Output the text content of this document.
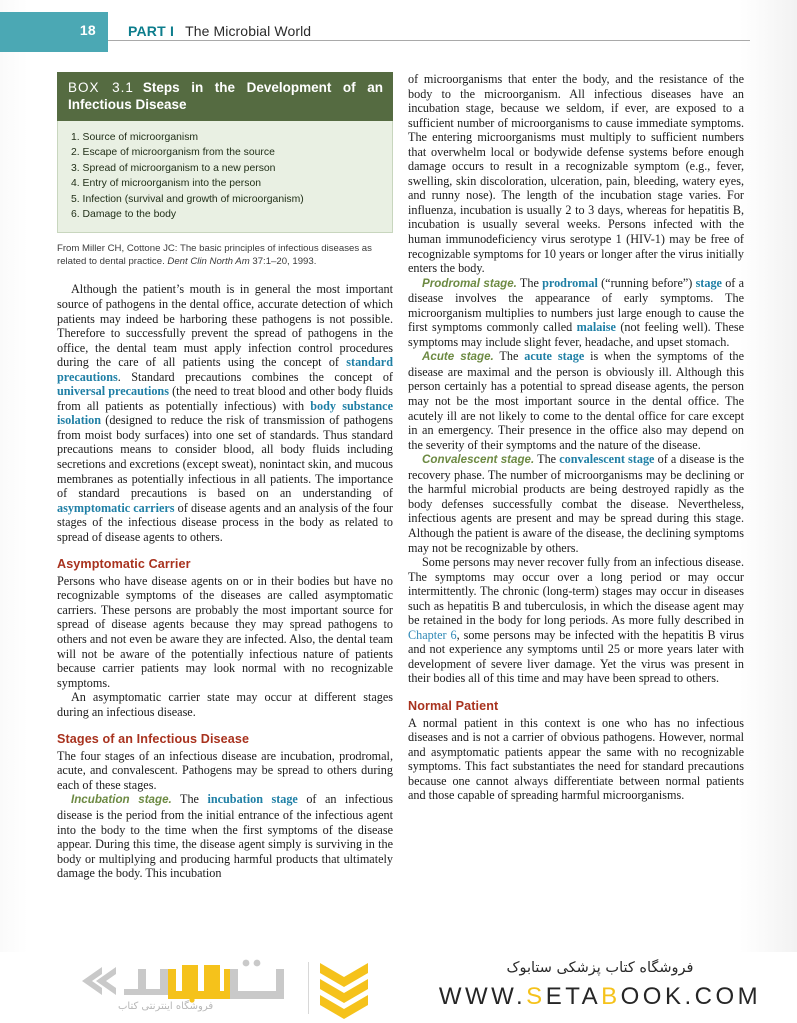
18 PART I The Microbial World
BOX 3.1 Steps in the Development of an Infectious Disease
1. Source of microorganism
2. Escape of microorganism from the source
3. Spread of microorganism to a new person
4. Entry of microorganism into the person
5. Infection (survival and growth of microorganism)
6. Damage to the body

From Miller CH, Cottone JC: The basic principles of infectious diseases as related to dental practice. Dent Clin North Am 37:1–20, 1993.

Although the patient’s mouth is in general the most important source of pathogens in the dental office, accurate detection of which patients may indeed be harboring these pathogens is not possible. Therefore to successfully prevent the spread of pathogens in the office, the dental team must apply infection control procedures during the care of all patients using the concept of standard precautions. Standard precautions combines the concept of universal precautions (the need to treat blood and other body fluids from all patients as potentially infectious) with body substance isolation (designed to reduce the risk of transmission of pathogens from moist body surfaces) into one set of standards. Thus standard precautions means to consider blood, all body fluids including secretions and excretions (except sweat), nonintact skin, and mucous membranes as potentially infectious in all patients. The importance of standard precautions is based on an understanding of asymptomatic carriers of disease agents and an analysis of the four stages of the infectious disease process in the body as related to spread of disease agents to others.

Asymptomatic Carrier

Persons who have disease agents on or in their bodies but have no recognizable symptoms of the diseases are called asymptomatic carriers. These persons are probably the most important source for spread of disease agents because they may spread pathogens to others and not even be aware they are infected. Also, the dental team will not be aware of the potentially infectious nature of patients because carrier patients may look normal with no recognizable symptoms.

An asymptomatic carrier state may occur at different stages during an infectious disease.

Stages of an Infectious Disease

The four stages of an infectious disease are incubation, prodromal, acute, and convalescent. Pathogens may be spread to others during each of these stages.

Incubation stage. The incubation stage of an infectious disease is the period from the initial entrance of the infectious agent into the body to the time when the first symptoms of the disease appear. During this time, the disease agent simply is surviving in the body or multiplying and producing harmful products that ultimately damage the body. This incubation

of microorganisms that enter the body, and the resistance of the body to the microorganism. All infectious diseases have an incubation stage, because we seldom, if ever, are exposed to a sufficient number of microorganisms to cause immediate symptoms. The entering microorganisms must multiply to sufficient numbers that overwhelm local or bodywide defense systems before enough damage occurs to result in a recognizable symptom (e.g., fever, swelling, skin discoloration, ulceration, pain, bleeding, watery eyes, and runny nose). The length of the incubation stage varies. For influenza, incubation is usually 2 to 3 days, whereas for hepatitis B, incubation is usually several weeks. Persons infected with the human immunodeficiency virus serotype 1 (HIV-1) may be free of recognizable symptoms for 10 years or longer after the virus initially enters the body.

Prodromal stage. The prodromal (“running before”) stage of a disease involves the appearance of early symptoms. The microorganism multiplies to numbers just large enough to cause the first symptoms commonly called malaise (not feeling well). These symptoms may include slight fever, headache, and upset stomach.

Acute stage. The acute stage is when the symptoms of the disease are maximal and the person is obviously ill. Although this person certainly has a potential to spread disease agents, the person may not be the most important source in the dental office. The acutely ill are not likely to come to the dental office for care except in an emergency. Their presence in the office also may depend on the severity of their symptoms and the nature of the disease.

Convalescent stage. The convalescent stage of a disease is the recovery phase. The number of microorganisms may be declining or the harmful microbial products are being destroyed rapidly as the body defenses successfully combat the disease. Nevertheless, infectious agents are present and may be spread during this stage. Although the patient is aware of the disease, the declining symptoms may not be recognizable by others.

Some persons may never recover fully from an infectious disease. The symptoms may occur over a long period or may occur intermittently. The chronic (long-term) stages may occur in diseases such as hepatitis B and tuberculosis, in which the disease agent may be retained in the body for long periods. As more fully described in Chapter 6, some persons may be infected with the hepatitis B virus and not experience any symptoms until 25 or more years later with development of severe liver damage. Yet the virus was present in their bodies all of this time and may have been spread to others.

Normal Patient

A normal patient in this context is one who has no infectious diseases and is not a carrier of obvious pathogens. However, normal and asymptomatic patients appear the same with no recognizable symptoms. This fact substantiates the need for standard precautions because one cannot always differentiate between normal patients and those capable of spreading harmful microorganisms.

فروشگاه اینترنتی کتاب
فروشگاه کتاب پزشکی ستابوک
WWW.SETABOOK.COM
